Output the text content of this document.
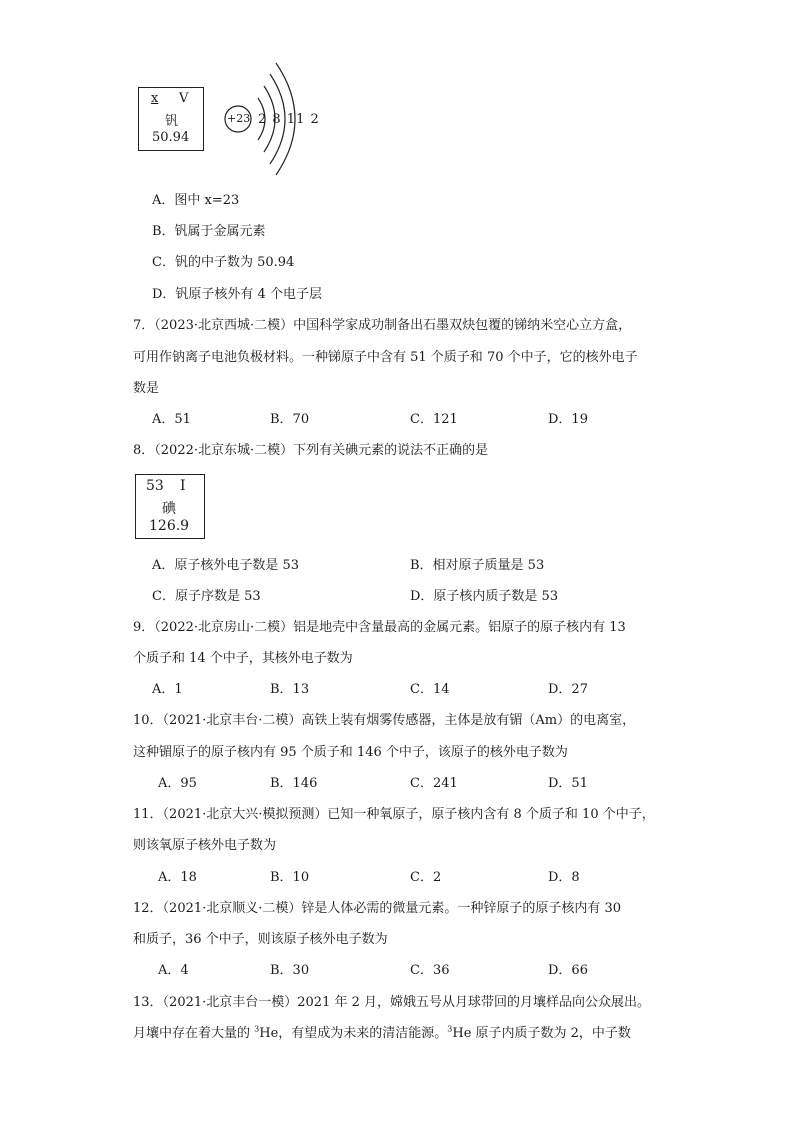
x V
钒
50.94
+23 2 8 11 2
A．图中 x=23
B．钒属于金属元素
C．钒的中子数为 50.94
D．钒原子核外有 4 个电子层
7．（2023·北京西城·二模）中国科学家成功制备出石墨双炔包覆的锑纳米空心立方盒，
可用作钠离子电池负极材料。一种锑原子中含有 51 个质子和 70 个中子，它的核外电子
数是
A．51	B．70	C．121	D．19
8．（2022·北京东城·二模）下列有关碘元素的说法不正确的是
53 I
碘
126.9
A．原子核外电子数是 53	B．相对原子质量是 53
C．原子序数是 53	D．原子核内质子数是 53
9．（2022·北京房山·二模）铝是地壳中含量最高的金属元素。铝原子的原子核内有 13
个质子和 14 个中子，其核外电子数为
A．1	B．13	C．14	D．27
10．（2021·北京丰台·二模）高铁上装有烟雾传感器，主体是放有镅（Am）的电离室，
这种镅原子的原子核内有 95 个质子和 146 个中子，该原子的核外电子数为
A．95	B．146	C．241	D．51
11．（2021·北京大兴·模拟预测）已知一种氧原子，原子核内含有 8 个质子和 10 个中子，
则该氧原子核外电子数为
A．18	B．10	C．2	D．8
12．（2021·北京顺义·二模）锌是人体必需的微量元素。一种锌原子的原子核内有 30
和质子，36 个中子，则该原子核外电子数为
A．4	B．30	C．36	D．66
13．（2021·北京丰台一模）2021 年 2 月，嫦娥五号从月球带回的月壤样品向公众展出。
月壤中存在着大量的 $^3$He，有望成为未来的清洁能源。$^3$He 原子内质子数为 2，中子数
